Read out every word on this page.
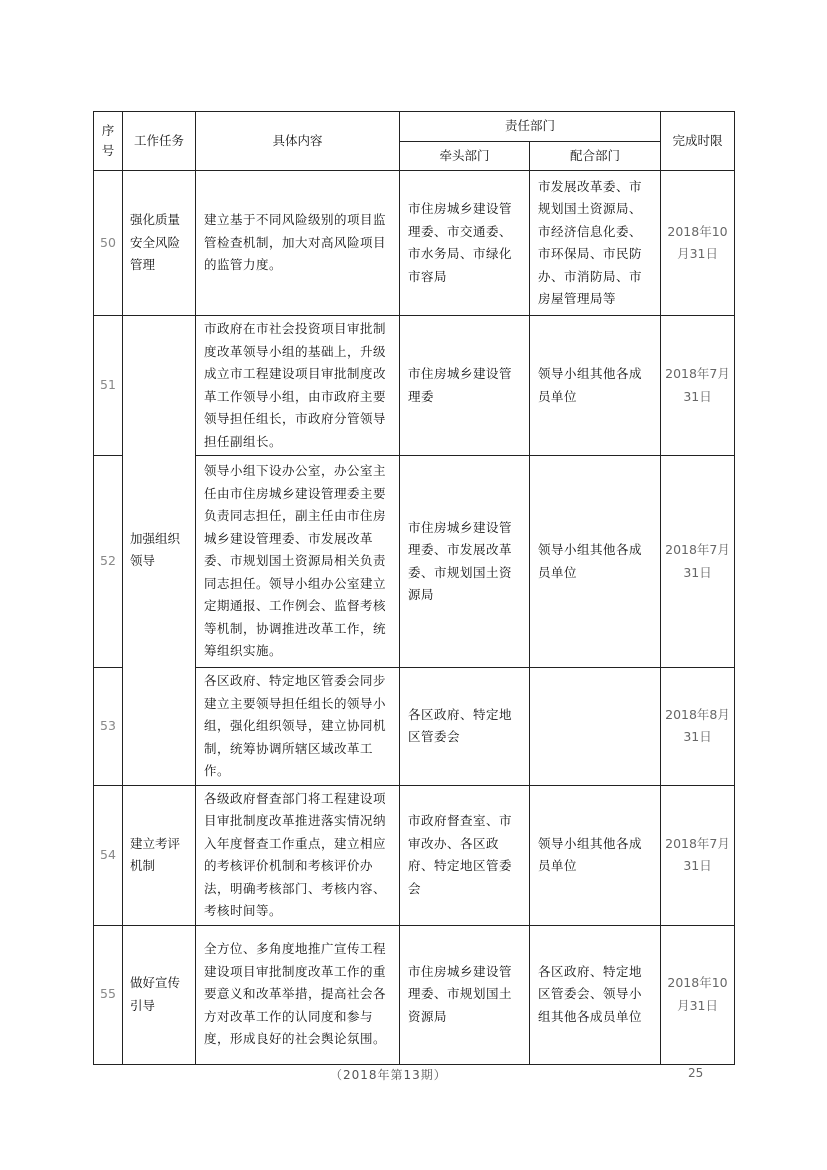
序号	工作任务	具体内容	责任部门		完成时限
			牵头部门	配合部门	
50	强化质量安全风险管理	建立基于不同风险级别的项目监管检查机制，加大对高风险项目的监管力度。	市住房城乡建设管理委、市交通委、市水务局、市绿化市容局	市发展改革委、市规划国土资源局、市经济信息化委、市环保局、市民防办、市消防局、市房屋管理局等	2018年10月31日
51	加强组织领导	市政府在市社会投资项目审批制度改革领导小组的基础上，升级成立市工程建设项目审批制度改革工作领导小组，由市政府主要领导担任组长，市政府分管领导担任副组长。	市住房城乡建设管理委	领导小组其他各成员单位	2018年7月31日
52		领导小组下设办公室，办公室主任由市住房城乡建设管理委主要负责同志担任，副主任由市住房城乡建设管理委、市发展改革委、市规划国土资源局相关负责同志担任。领导小组办公室建立定期通报、工作例会、监督考核等机制，协调推进改革工作，统筹组织实施。	市住房城乡建设管理委、市发展改革委、市规划国土资源局	领导小组其他各成员单位	2018年7月31日
53		各区政府、特定地区管委会同步建立主要领导担任组长的领导小组，强化组织领导，建立协同机制，统筹协调所辖区域改革工作。	各区政府、特定地区管委会		2018年8月31日
54	建立考评机制	各级政府督查部门将工程建设项目审批制度改革推进落实情况纳入年度督查工作重点，建立相应的考核评价机制和考核评价办法，明确考核部门、考核内容、考核时间等。	市政府督查室、市审改办、各区政府、特定地区管委会	领导小组其他各成员单位	2018年7月31日
55	做好宣传引导	全方位、多角度地推广宣传工程建设项目审批制度改革工作的重要意义和改革举措，提高社会各方对改革工作的认同度和参与度，形成良好的社会舆论氛围。	市住房城乡建设管理委、市规划国土资源局	各区政府、特定地区管委会、领导小组其他各成员单位	2018年10月31日
（2018年第13期）	25
